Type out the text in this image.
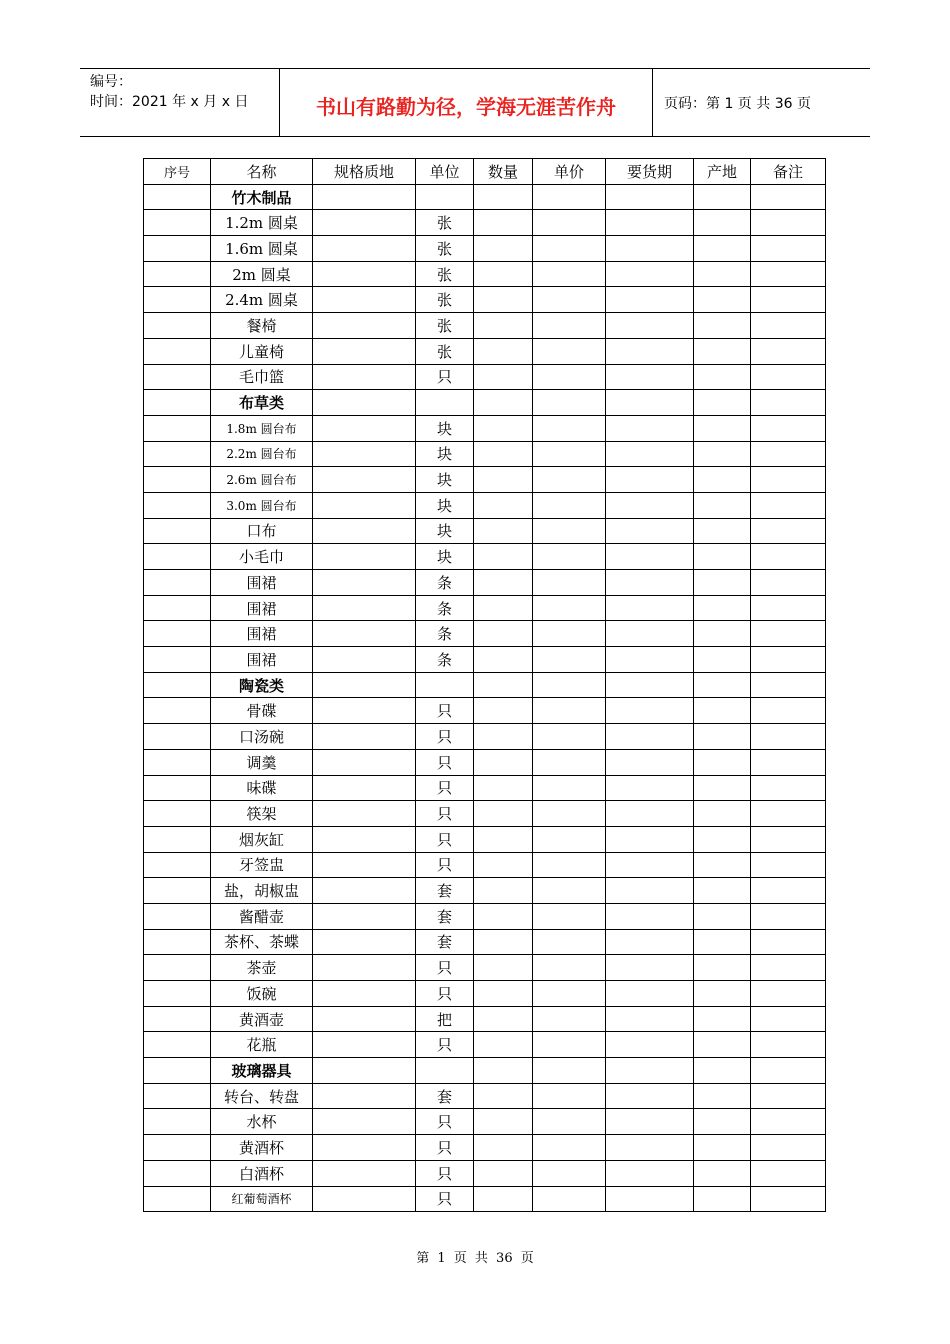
编号：
时间：2021 年 x 月 x 日	书山有路勤为径，学海无涯苦作舟	页码：第 1 页 共 36 页
序号	名称	规格质地	单位	数量	单价	要货期	产地	备注
	竹木制品							
	1.2m 圆桌		张					
	1.6m 圆桌		张					
	2m 圆桌		张					
	2.4m 圆桌		张					
	餐椅		张					
	儿童椅		张					
	毛巾篮		只					
	布草类							
	1.8m 圆台布		块					
	2.2m 圆台布		块					
	2.6m 圆台布		块					
	3.0m 圆台布		块					
	口布		块					
	小毛巾		块					
	围裙		条					
	围裙		条					
	围裙		条					
	围裙		条					
	陶瓷类							
	骨碟		只					
	口汤碗		只					
	调羹		只					
	味碟		只					
	筷架		只					
	烟灰缸		只					
	牙签盅		只					
	盐，胡椒盅		套					
	酱醋壶		套					
	茶杯、茶蝶		套					
	茶壶		只					
	饭碗		只					
	黄酒壶		把					
	花瓶		只					
	玻璃器具							
	转台、转盘		套					
	水杯		只					
	黄酒杯		只					
	白酒杯		只					
	红葡萄酒杯		只					
第 1 页 共 36 页
